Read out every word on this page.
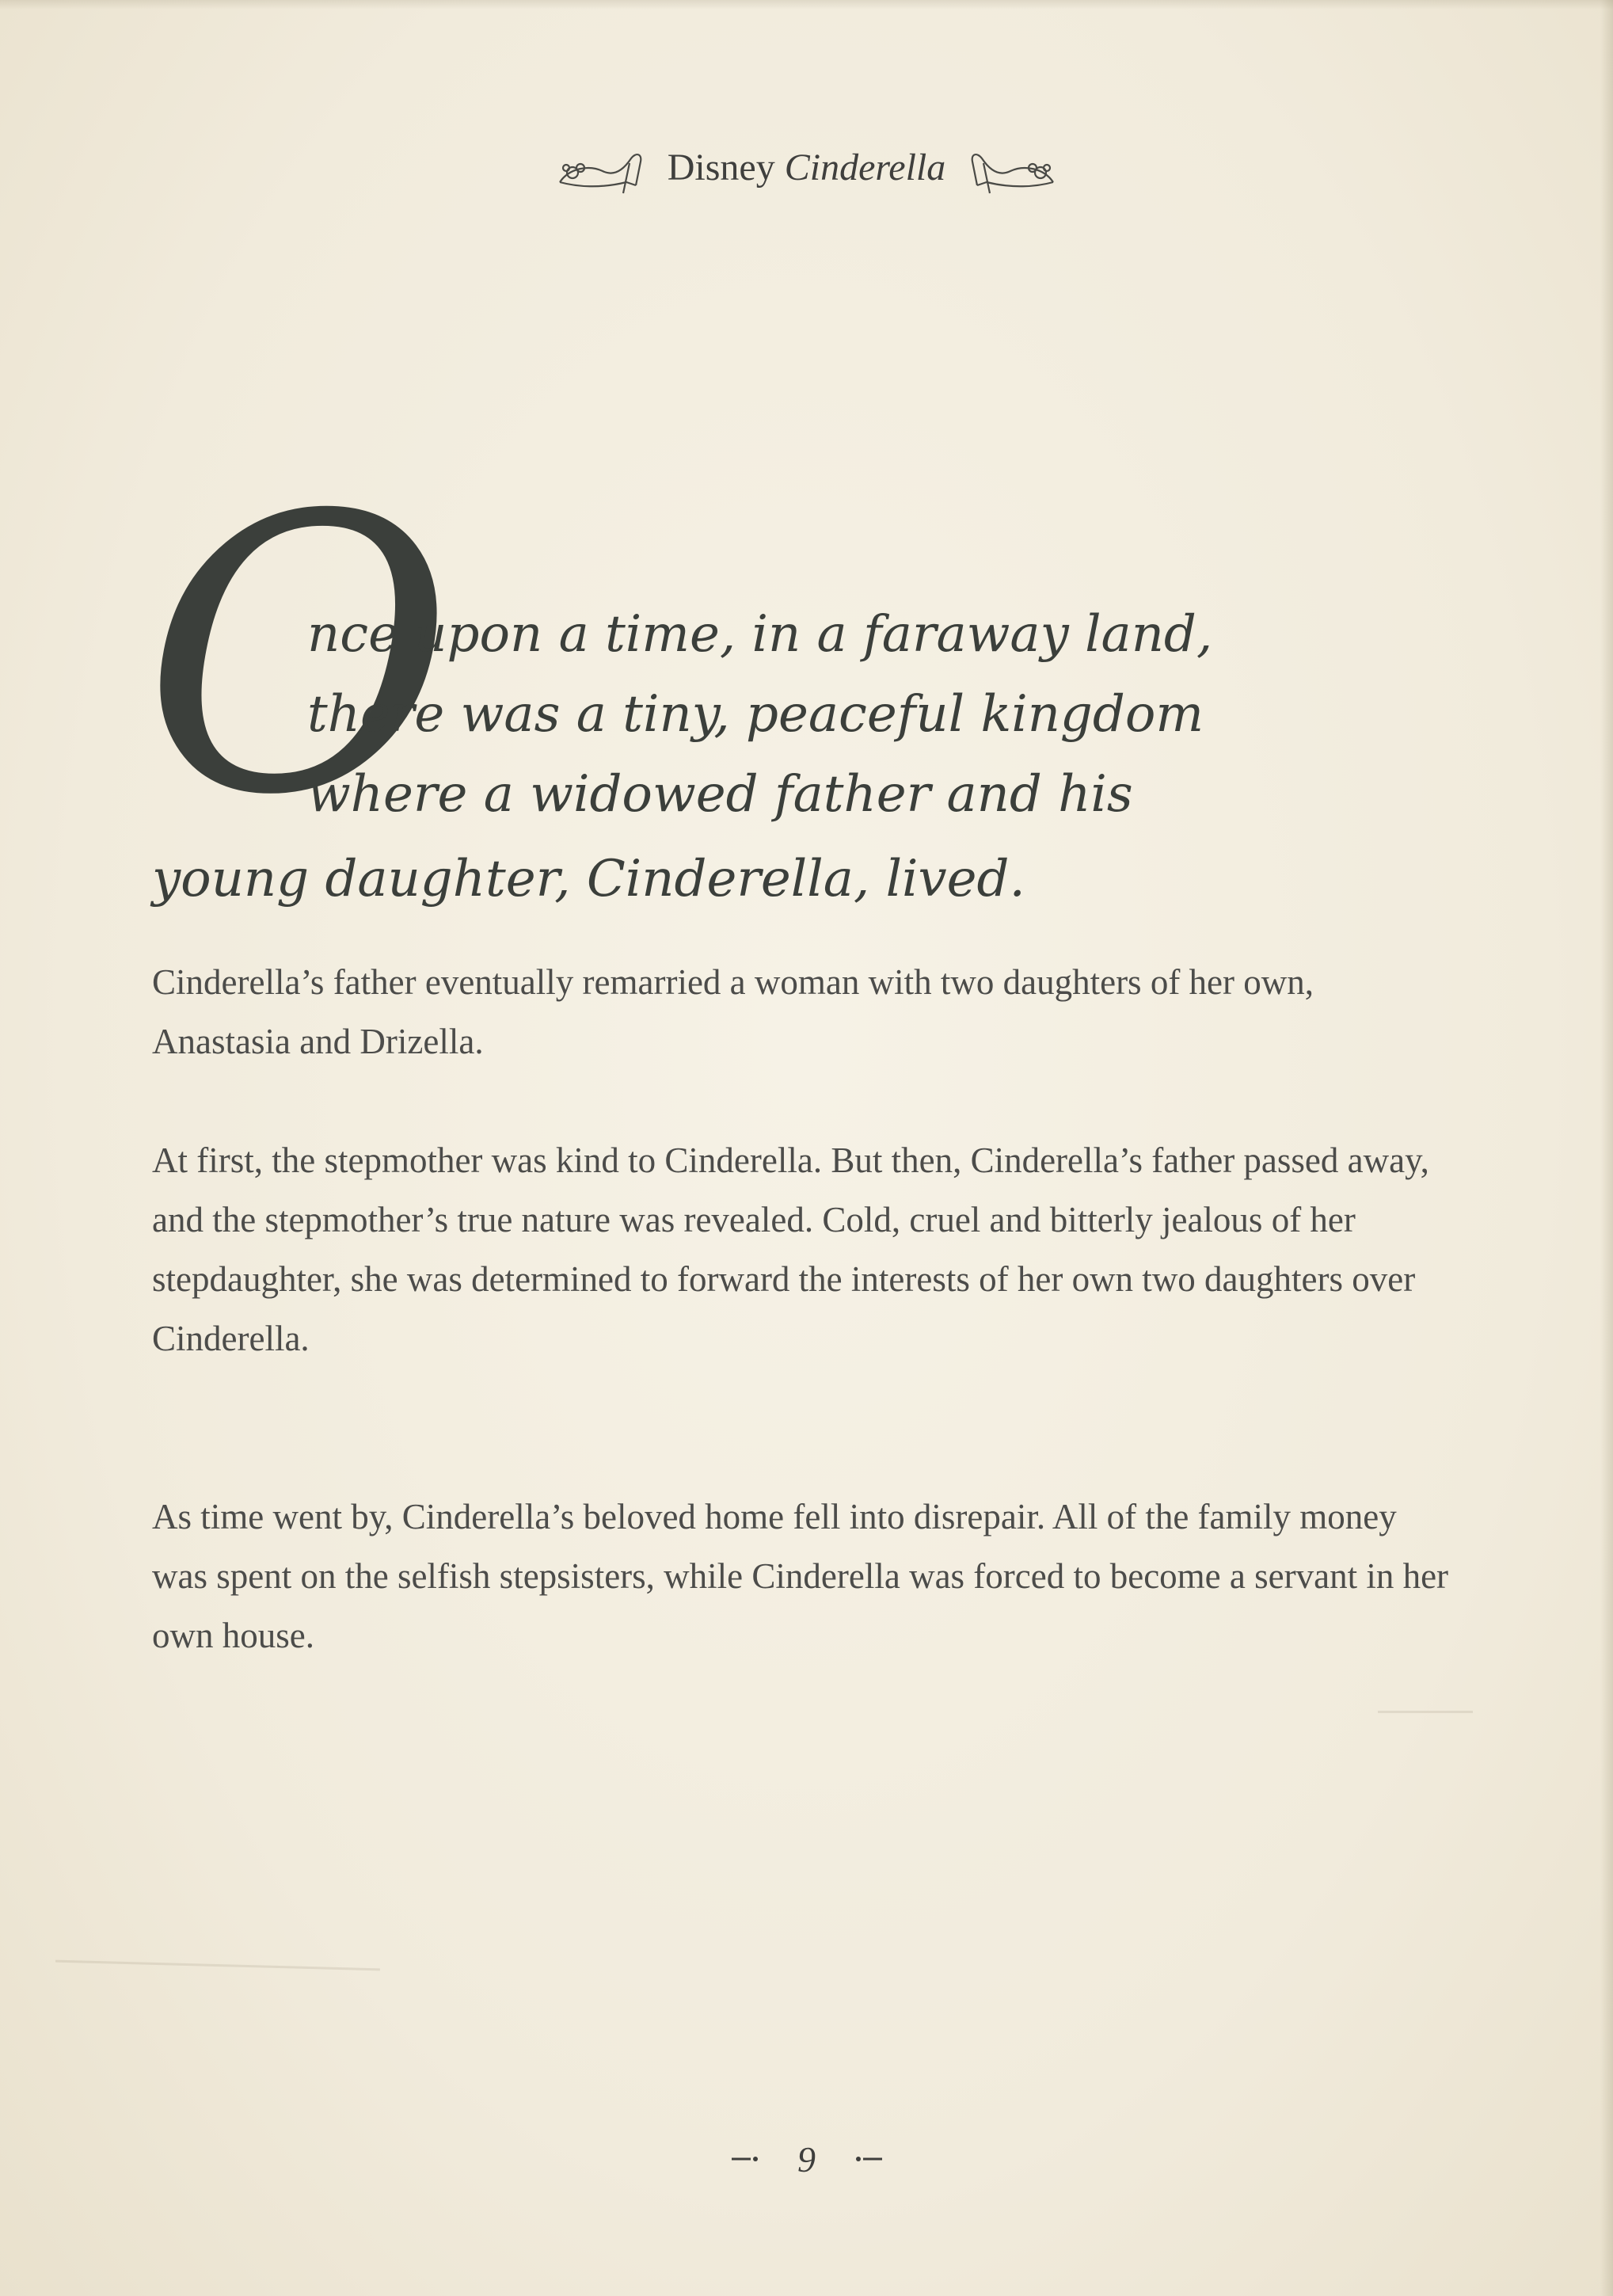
Disney Cinderella
O
nce upon a time, in a faraway land,
there was a tiny, peaceful kingdom
where a widowed father and his
young daughter, Cinderella, lived.

Cinderella’s father eventually remarried a woman with two daughters of her own, Anastasia and Drizella.

At first, the stepmother was kind to Cinderella. But then, Cinderella’s father passed away, and the stepmother’s true nature was revealed. Cold, cruel and bitterly jealous of her stepdaughter, she was determined to forward the interests of her own two daughters over Cinderella.

As time went by, Cinderella’s beloved home fell into disrepair. All of the family money was spent on the selfish stepsisters, while Cinderella was forced to become a servant in her own house.

9
